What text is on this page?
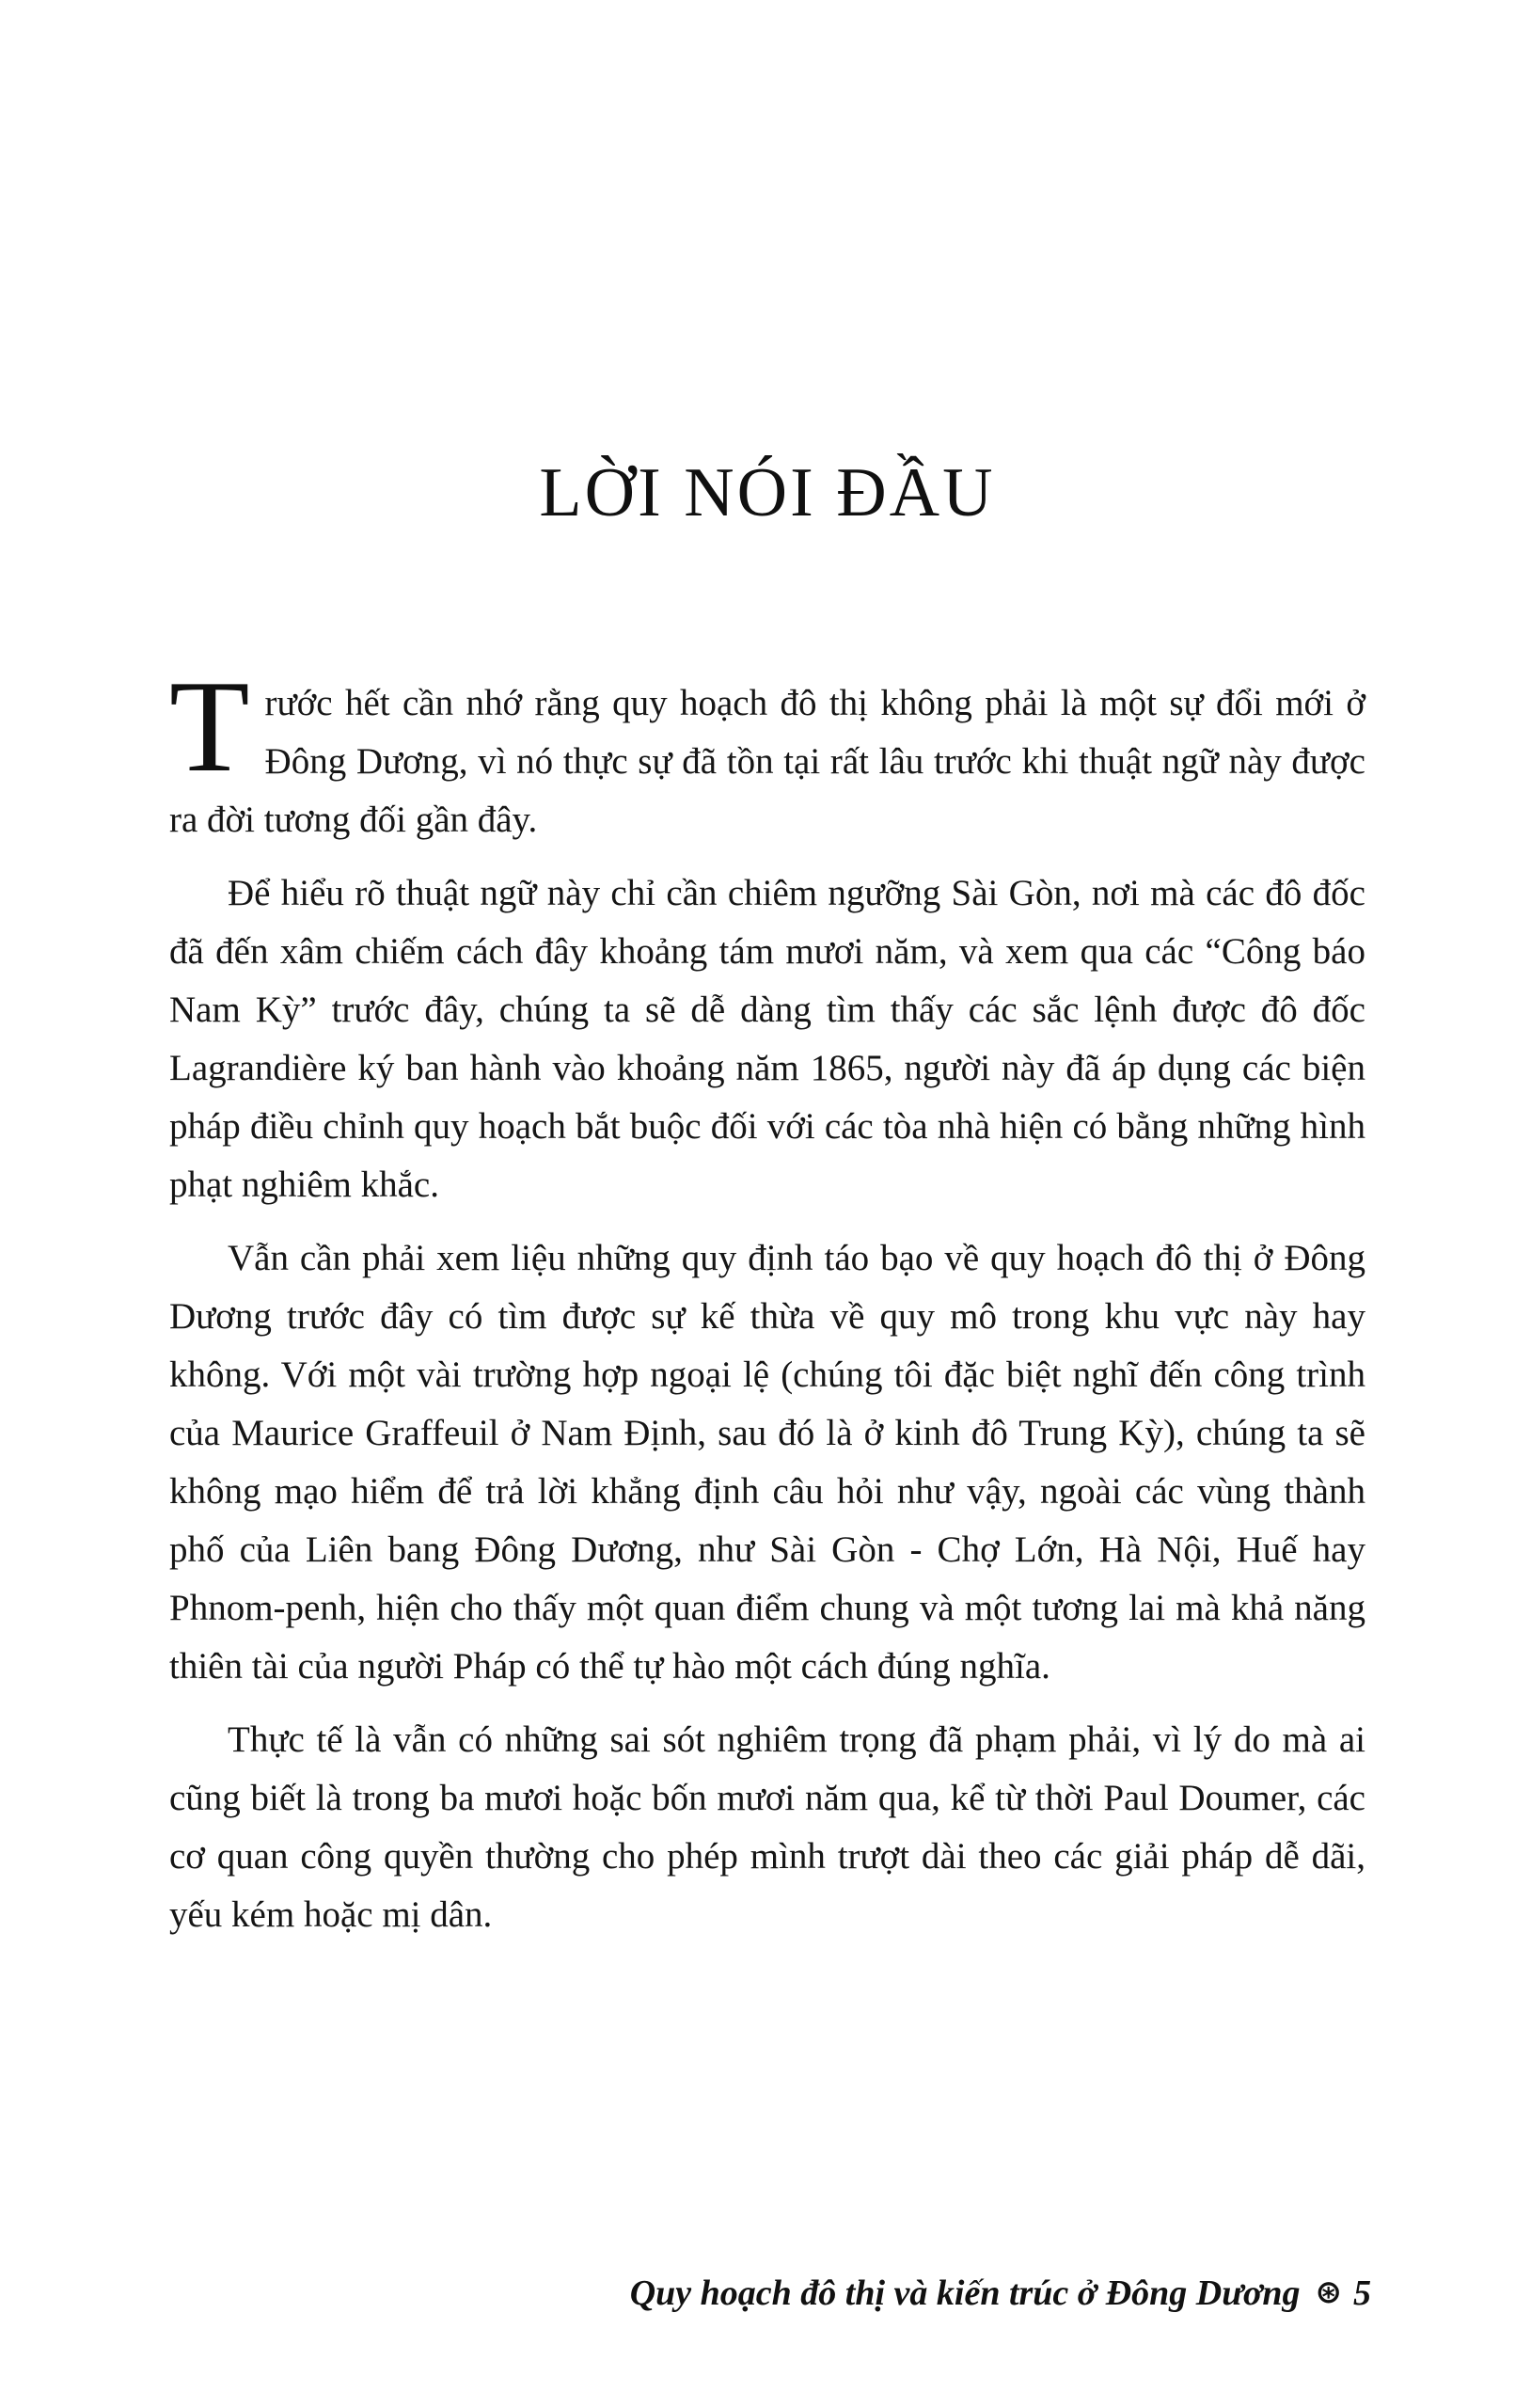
LỜI NÓI ĐẦU

Trước hết cần nhớ rằng quy hoạch đô thị không phải là một sự đổi mới ở Đông Dương, vì nó thực sự đã tồn tại rất lâu trước khi thuật ngữ này được ra đời tương đối gần đây.

Để hiểu rõ thuật ngữ này chỉ cần chiêm ngưỡng Sài Gòn, nơi mà các đô đốc đã đến xâm chiếm cách đây khoảng tám mươi năm, và xem qua các “Công báo Nam Kỳ” trước đây, chúng ta sẽ dễ dàng tìm thấy các sắc lệnh được đô đốc Lagrandière ký ban hành vào khoảng năm 1865, người này đã áp dụng các biện pháp điều chỉnh quy hoạch bắt buộc đối với các tòa nhà hiện có bằng những hình phạt nghiêm khắc.

Vẫn cần phải xem liệu những quy định táo bạo về quy hoạch đô thị ở Đông Dương trước đây có tìm được sự kế thừa về quy mô trong khu vực này hay không. Với một vài trường hợp ngoại lệ (chúng tôi đặc biệt nghĩ đến công trình của Maurice Graffeuil ở Nam Định, sau đó là ở kinh đô Trung Kỳ), chúng ta sẽ không mạo hiểm để trả lời khẳng định câu hỏi như vậy, ngoài các vùng thành phố của Liên bang Đông Dương, như Sài Gòn - Chợ Lớn, Hà Nội, Huế hay Phnom-penh, hiện cho thấy một quan điểm chung và một tương lai mà khả năng thiên tài của người Pháp có thể tự hào một cách đúng nghĩa.

Thực tế là vẫn có những sai sót nghiêm trọng đã phạm phải, vì lý do mà ai cũng biết là trong ba mươi hoặc bốn mươi năm qua, kể từ thời Paul Doumer, các cơ quan công quyền thường cho phép mình trượt dài theo các giải pháp dễ dãi, yếu kém hoặc mị dân.

Quy hoạch đô thị và kiến trúc ở Đông Dương ⊛ 5
